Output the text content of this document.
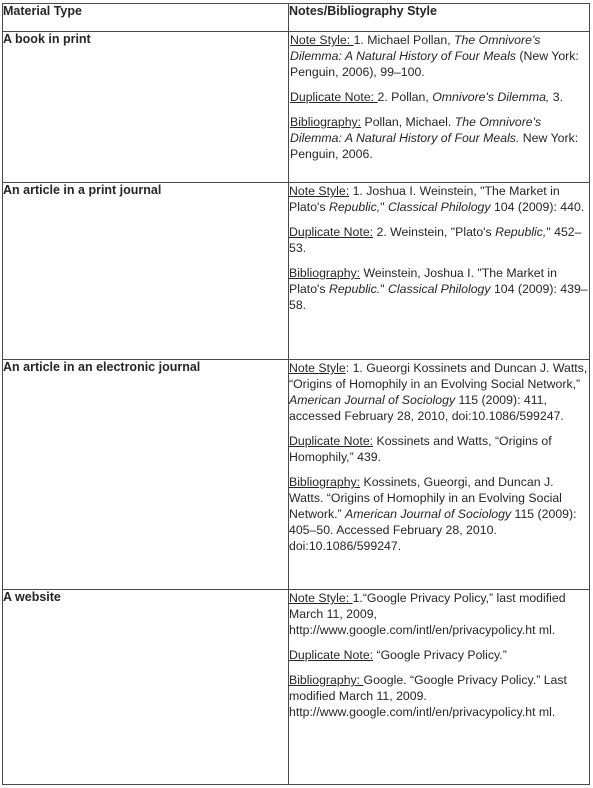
Material Type	Notes/Bibliography Style
A book in print	Note Style: 1. Michael Pollan, The Omnivore's Dilemma: A Natural History of Four Meals (New York: Penguin, 2006), 99–100.

Duplicate Note: 2. Pollan, Omnivore's Dilemma, 3.

Bibliography: Pollan, Michael. The Omnivore's Dilemma: A Natural History of Four Meals. New York: Penguin, 2006.

An article in a print journal	Note Style: 1. Joshua I. Weinstein, "The Market in Plato's Republic," Classical Philology 104 (2009): 440.

Duplicate Note: 2. Weinstein, "Plato's Republic," 452–53.

Bibliography: Weinstein, Joshua I. "The Market in Plato's Republic." Classical Philology 104 (2009): 439–58.

An article in an electronic journal	Note Style: 1. Gueorgi Kossinets and Duncan J. Watts, “Origins of Homophily in an Evolving Social Network,” American Journal of Sociology 115 (2009): 411, accessed February 28, 2010, doi:10.1086/599247.

Duplicate Note: Kossinets and Watts, “Origins of Homophily,” 439.

Bibliography: Kossinets, Gueorgi, and Duncan J. Watts. “Origins of Homophily in an Evolving Social Network.” American Journal of Sociology 115 (2009): 405–50. Accessed February 28, 2010. doi:10.1086/599247.

A website	Note Style: 1.“Google Privacy Policy,” last modified March 11, 2009, http://www.google.com/intl/en/privacypolicy.ht ml.

Duplicate Note: “Google Privacy Policy.”

Bibliography: Google. “Google Privacy Policy.” Last modified March 11, 2009. http://www.google.com/intl/en/privacypolicy.ht ml.
